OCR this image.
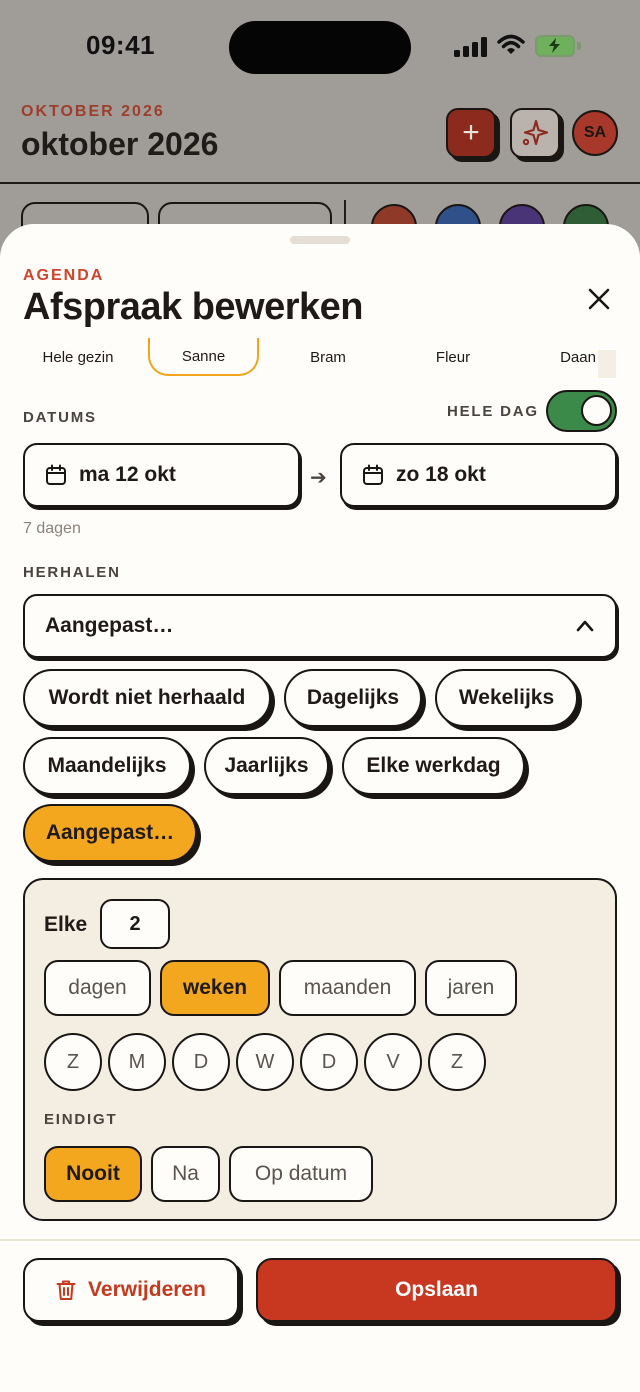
09:41
OKTOBER 2026
oktober 2026	+	SA
AGENDA
Afspraak bewerken
Hele gezin	Sanne	Bram	Fleur	Daan
DATUMS	HELE DAG
ma 12 okt	➔	zo 18 okt
7 dagen
HERHALEN
Aangepast…
Wordt niet herhaald	Dagelijks	Wekelijks
Maandelijks	Jaarlijks	Elke werkdag
Aangepast…
Elke	2
dagen	weken	maanden	jaren
Z	M	D	W	D	V	Z
EINDIGT
Nooit	Na	Op datum
Verwijderen	Opslaan
